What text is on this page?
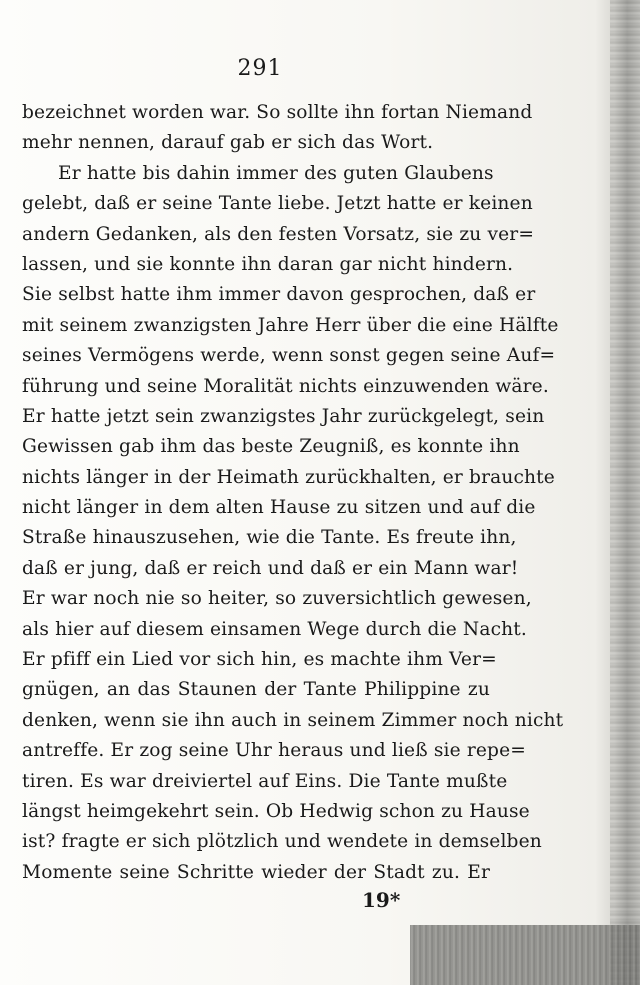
291
bezeichnet worden war. So sollte ihn fortan Niemand
mehr nennen, darauf gab er sich das Wort.
Er hatte bis dahin immer des guten Glaubens
gelebt, daß er seine Tante liebe. Jetzt hatte er keinen
andern Gedanken, als den festen Vorsatz, sie zu ver=
lassen, und sie konnte ihn daran gar nicht hindern.
Sie selbst hatte ihm immer davon gesprochen, daß er
mit seinem zwanzigsten Jahre Herr über die eine Hälfte
seines Vermögens werde, wenn sonst gegen seine Auf=
führung und seine Moralität nichts einzuwenden wäre.
Er hatte jetzt sein zwanzigstes Jahr zurückgelegt, sein
Gewissen gab ihm das beste Zeugniß, es konnte ihn
nichts länger in der Heimath zurückhalten, er brauchte
nicht länger in dem alten Hause zu sitzen und auf die
Straße hinauszusehen, wie die Tante. Es freute ihn,
daß er jung, daß er reich und daß er ein Mann war!
Er war noch nie so heiter, so zuversichtlich gewesen,
als hier auf diesem einsamen Wege durch die Nacht.
Er pfiff ein Lied vor sich hin, es machte ihm Ver=
gnügen, an das Staunen der Tante Philippine zu
denken, wenn sie ihn auch in seinem Zimmer noch nicht
antreffe. Er zog seine Uhr heraus und ließ sie repe=
tiren. Es war dreiviertel auf Eins. Die Tante mußte
längst heimgekehrt sein. Ob Hedwig schon zu Hause
ist? fragte er sich plötzlich und wendete in demselben
Momente seine Schritte wieder der Stadt zu. Er
19*
